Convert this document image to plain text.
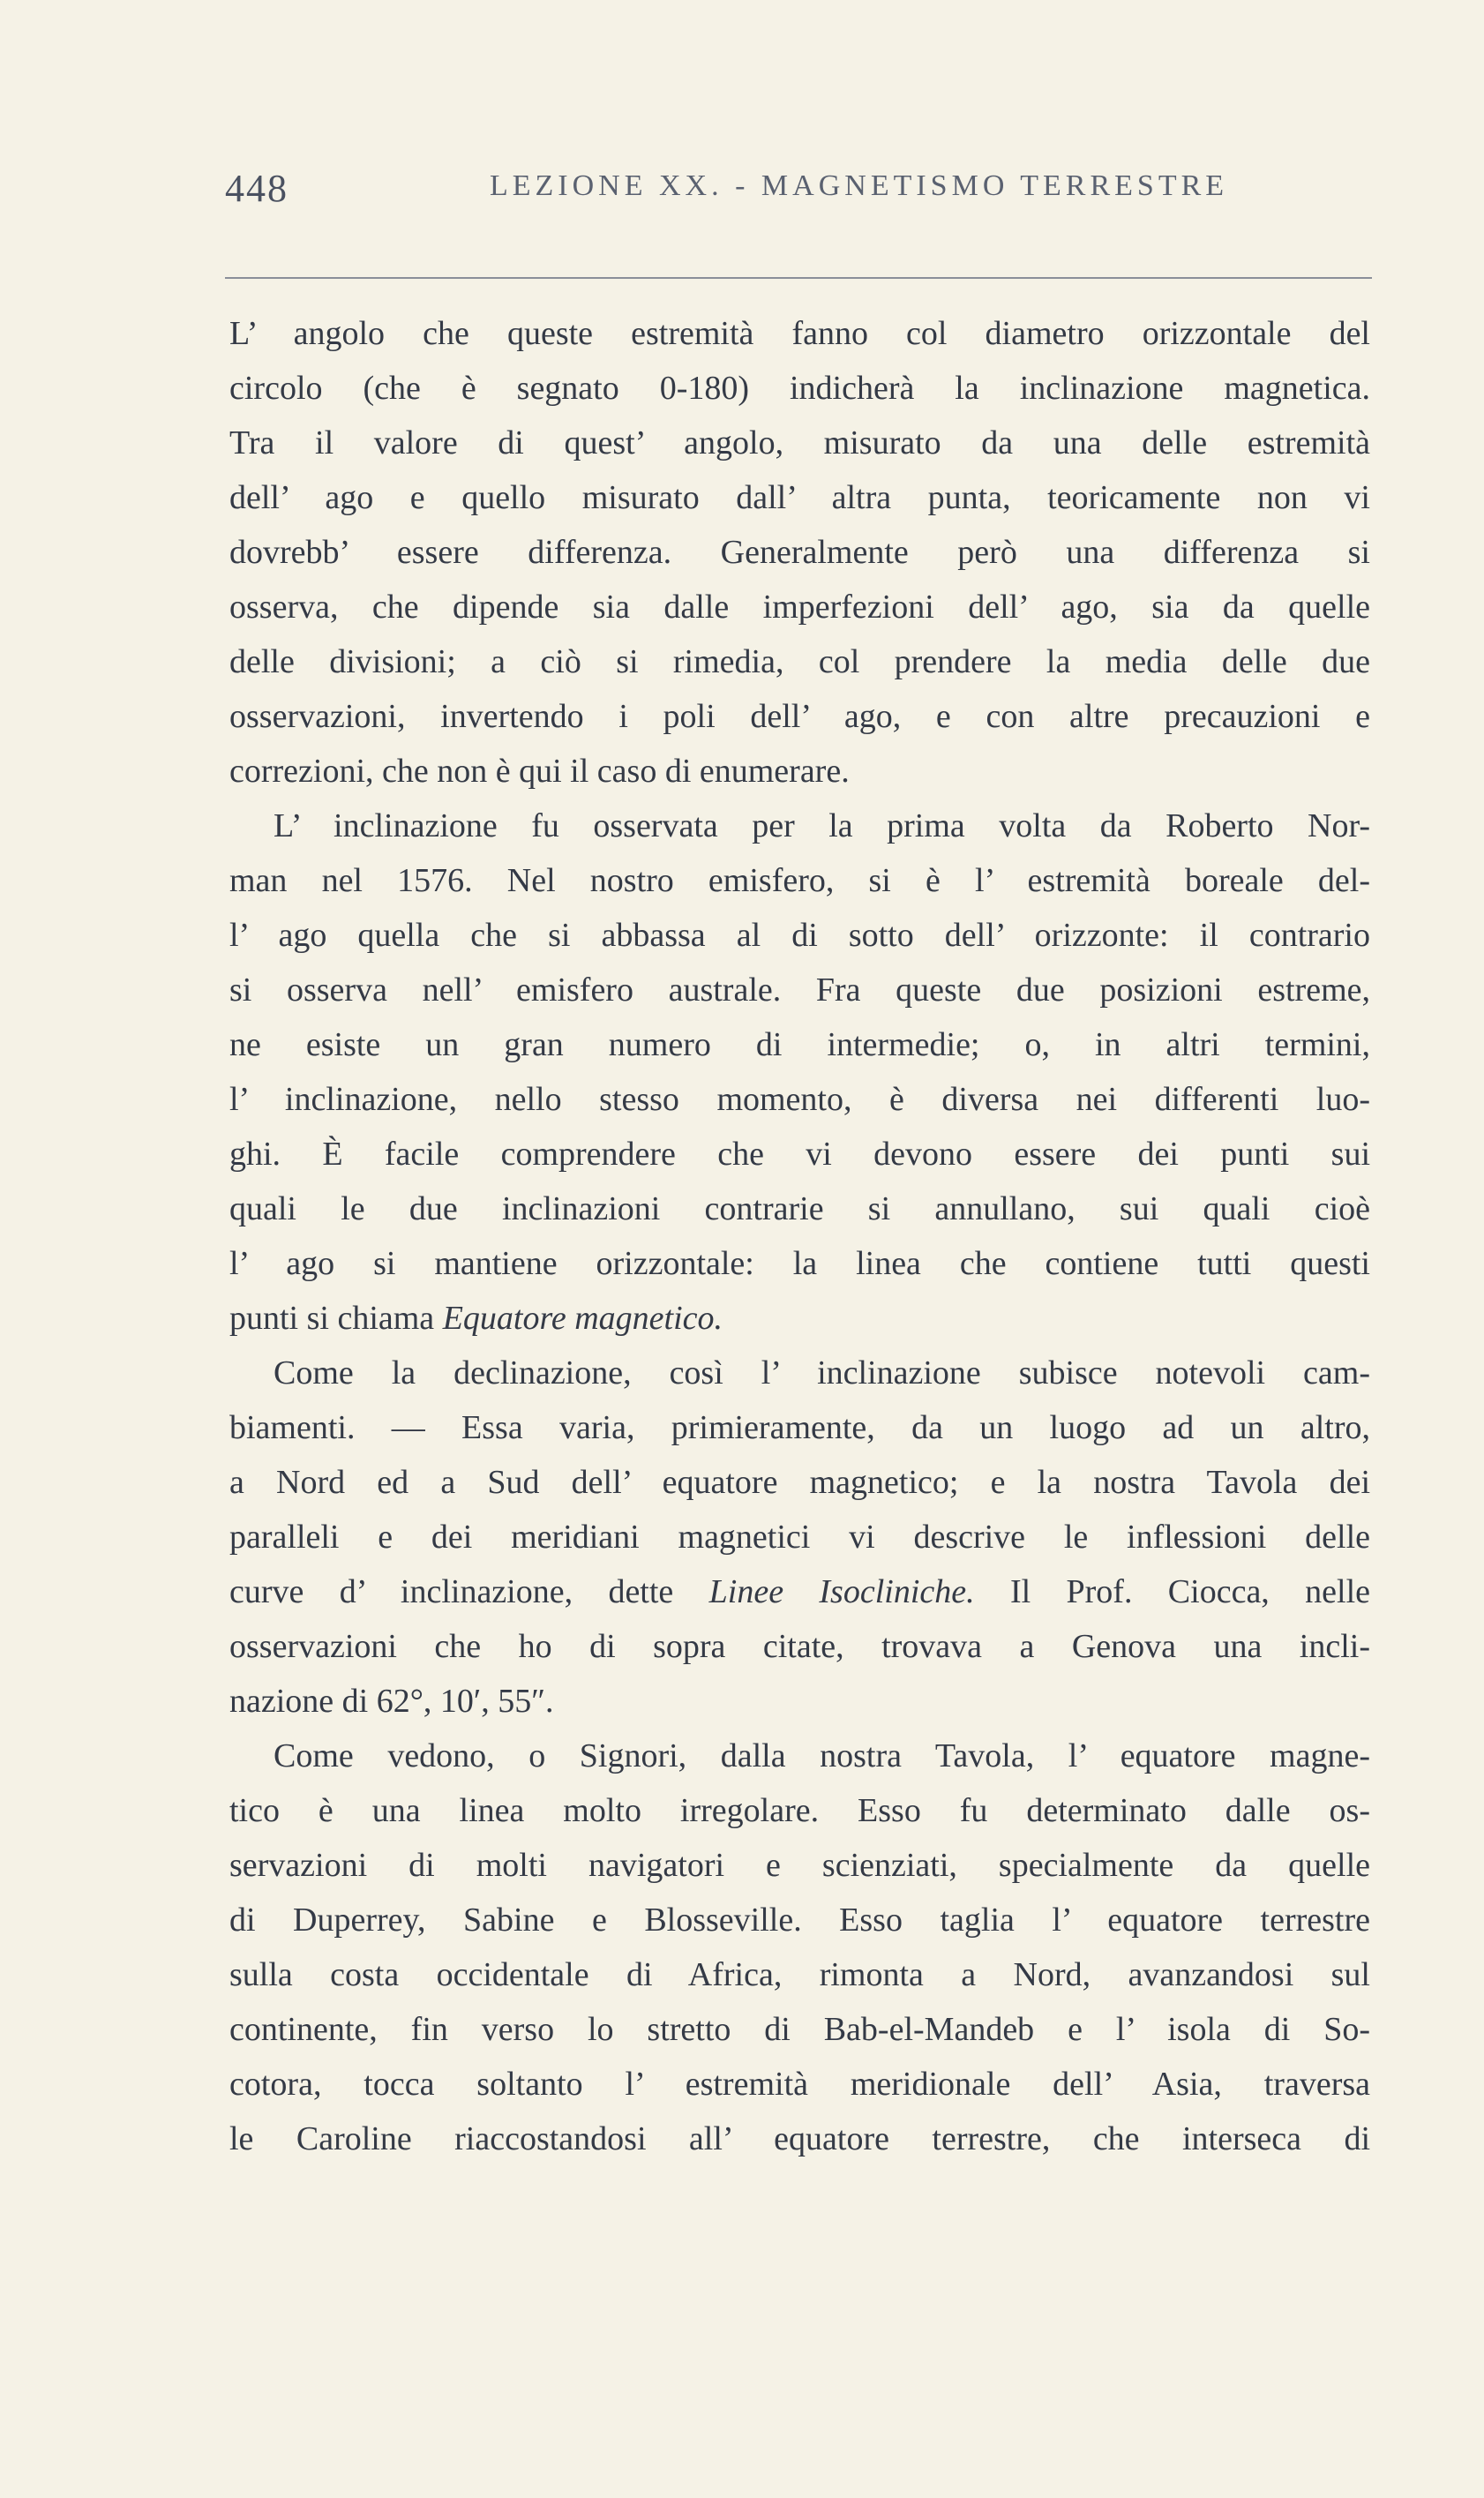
448	LEZIONE XX. - MAGNETISMO TERRESTRE
L’ angolo che queste estremità fanno col diametro orizzontale del
circolo (che è segnato 0-180) indicherà la inclinazione magnetica.
Tra il valore di quest’ angolo, misurato da una delle estremità
dell’ ago e quello misurato dall’ altra punta, teoricamente non vi
dovrebb’ essere differenza. Generalmente però una differenza si
osserva, che dipende sia dalle imperfezioni dell’ ago, sia da quelle
delle divisioni; a ciò si rimedia, col prendere la media delle due
osservazioni, invertendo i poli dell’ ago, e con altre precauzioni e
correzioni, che non è qui il caso di enumerare.
L’ inclinazione fu osservata per la prima volta da Roberto Nor-
man nel 1576. Nel nostro emisfero, si è l’ estremità boreale del-
l’ ago quella che si abbassa al di sotto dell’ orizzonte: il contrario
si osserva nell’ emisfero australe. Fra queste due posizioni estreme,
ne esiste un gran numero di intermedie; o, in altri termini,
l’ inclinazione, nello stesso momento, è diversa nei differenti luo-
ghi. È facile comprendere che vi devono essere dei punti sui
quali le due inclinazioni contrarie si annullano, sui quali cioè
l’ ago si mantiene orizzontale: la linea che contiene tutti questi
punti si chiama Equatore magnetico.
Come la declinazione, così l’ inclinazione subisce notevoli cam-
biamenti. — Essa varia, primieramente, da un luogo ad un altro,
a Nord ed a Sud dell’ equatore magnetico; e la nostra Tavola dei
paralleli e dei meridiani magnetici vi descrive le inflessioni delle
curve d’ inclinazione, dette Linee Isocliniche. Il Prof. Ciocca, nelle
osservazioni che ho di sopra citate, trovava a Genova una incli-
nazione di 62°, 10′, 55″.
Come vedono, o Signori, dalla nostra Tavola, l’ equatore magne-
tico è una linea molto irregolare. Esso fu determinato dalle os-
servazioni di molti navigatori e scienziati, specialmente da quelle
di Duperrey, Sabine e Blosseville. Esso taglia l’ equatore terrestre
sulla costa occidentale di Africa, rimonta a Nord, avanzandosi sul
continente, fin verso lo stretto di Bab-el-Mandeb e l’ isola di So-
cotora, tocca soltanto l’ estremità meridionale dell’ Asia, traversa
le Caroline riaccostandosi all’ equatore terrestre, che interseca di
